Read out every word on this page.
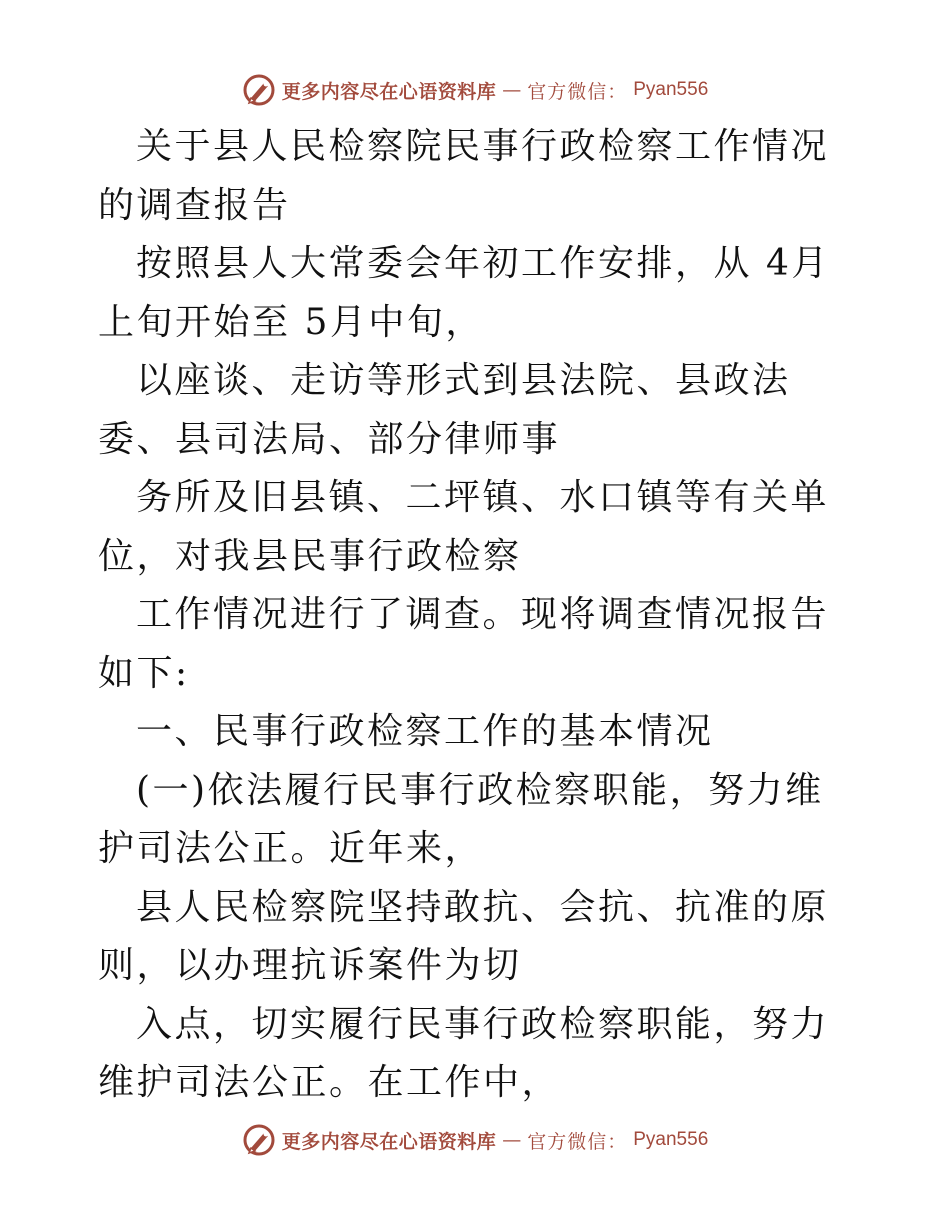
更多内容尽在心语资料库 — 官方微信： Pyan556

关于县人民检察院民事行政检察工作情况的调查报告

按照县人大常委会年初工作安排，从 4月上旬开始至 5月中旬，

以座谈、走访等形式到县法院、县政法委、县司法局、部分律师事

务所及旧县镇、二坪镇、水口镇等有关单位，对我县民事行政检察

工作情况进行了调查。现将调查情况报告如下:

一、民事行政检察工作的基本情况

(一)依法履行民事行政检察职能，努力维护司法公正。近年来，

县人民检察院坚持敢抗、会抗、抗准的原则，以办理抗诉案件为切

入点，切实履行民事行政检察职能，努力维护司法公正。在工作中，

更多内容尽在心语资料库 — 官方微信： Pyan556
